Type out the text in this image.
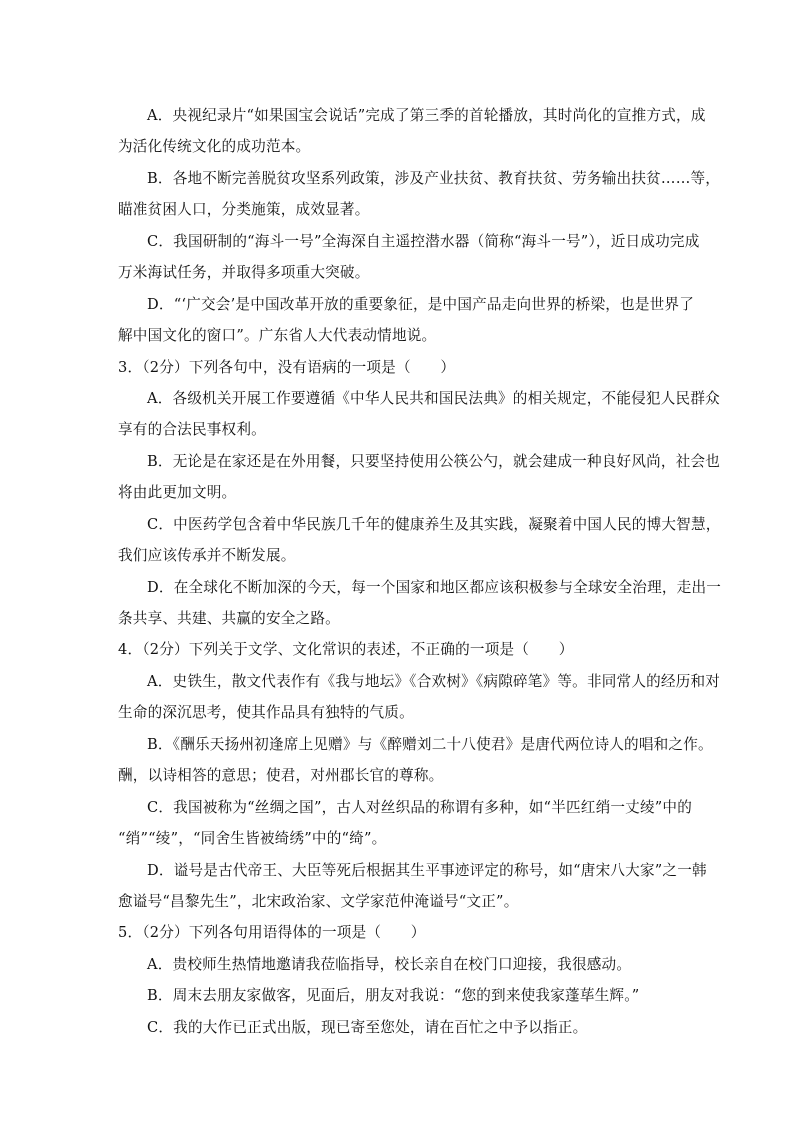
A．央视纪录片“如果国宝会说话”完成了第三季的首轮播放，其时尚化的宣推方式，成
为活化传统文化的成功范本。
B．各地不断完善脱贫攻坚系列政策，涉及产业扶贫、教育扶贫、劳务输出扶贫……等，
瞄准贫困人口，分类施策，成效显著。
C．我国研制的“海斗一号”全海深自主遥控潜水器（简称“海斗一号”），近日成功完成
万米海试任务，并取得多项重大突破。
D．“‘广交会’是中国改革开放的重要象征，是中国产品走向世界的桥梁，也是世界了
解中国文化的窗口”。广东省人大代表动情地说。
3．（2分）下列各句中，没有语病的一项是（　　）
A．各级机关开展工作要遵循《中华人民共和国民法典》的相关规定，不能侵犯人民群众
享有的合法民事权利。
B．无论是在家还是在外用餐，只要坚持使用公筷公勺，就会建成一种良好风尚，社会也
将由此更加文明。
C．中医药学包含着中华民族几千年的健康养生及其实践，凝聚着中国人民的博大智慧，
我们应该传承并不断发展。
D．在全球化不断加深的今天，每一个国家和地区都应该积极参与全球安全治理，走出一
条共享、共建、共赢的安全之路。
4．（2分）下列关于文学、文化常识的表述，不正确的一项是（　　）
A．史铁生，散文代表作有《我与地坛》《合欢树》《病隙碎笔》等。非同常人的经历和对
生命的深沉思考，使其作品具有独特的气质。
B．《酬乐天扬州初逢席上见赠》与《醉赠刘二十八使君》是唐代两位诗人的唱和之作。
酬，以诗相答的意思；使君，对州郡长官的尊称。
C．我国被称为“丝绸之国”，古人对丝织品的称谓有多种，如“半匹红绡一丈绫”中的
“绡”“绫”，“同舍生皆被绮绣”中的“绮”。
D．谥号是古代帝王、大臣等死后根据其生平事迹评定的称号，如“唐宋八大家”之一韩
愈谥号“昌黎先生”，北宋政治家、文学家范仲淹谥号“文正”。
5．（2分）下列各句用语得体的一项是（　　）
A．贵校师生热情地邀请我莅临指导，校长亲自在校门口迎接，我很感动。
B．周末去朋友家做客，见面后，朋友对我说：“您的到来使我家蓬荜生辉。”
C．我的大作已正式出版，现已寄至您处，请在百忙之中予以指正。
